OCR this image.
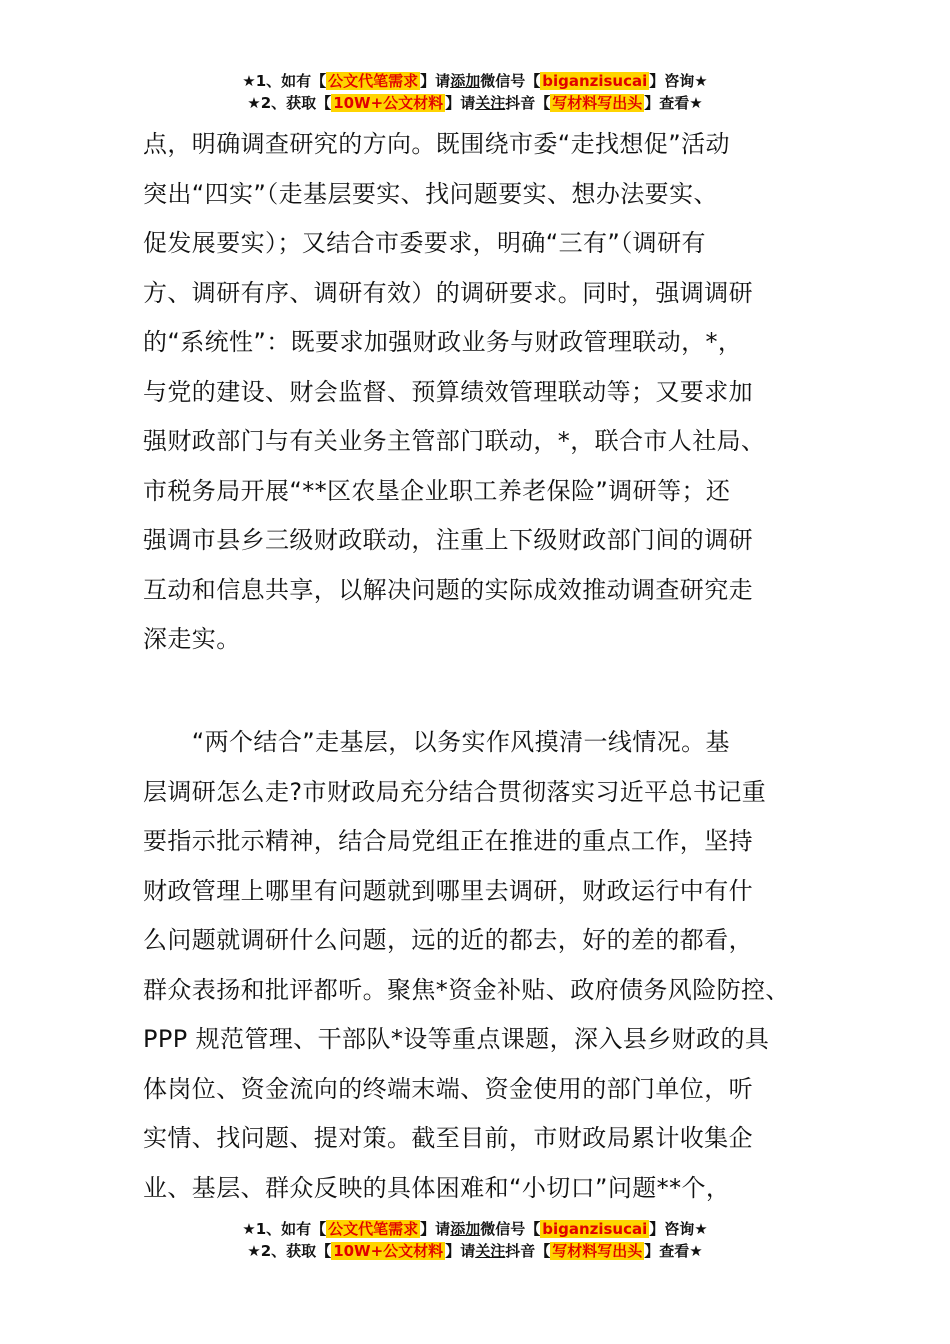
★1、如有【 公文代笔需求 】请添加微信号【 biganzisucai 】咨询★
★2、获取【 10W+公文材料 】请关注抖音【 写材料写出头 】查看★
点，明确调查研究的方向。既围绕市委“走找想促”活动
突出“四实”（走基层要实、找问题要实、想办法要实、
促发展要实）；又结合市委要求，明确“三有”（调研有
方、调研有序、调研有效）的调研要求。同时，强调调研
的“系统性”：既要求加强财政业务与财政管理联动，*，
与党的建设、财会监督、预算绩效管理联动等；又要求加
强财政部门与有关业务主管部门联动，*，联合市人社局、
市税务局开展“**区农垦企业职工养老保险”调研等；还
强调市县乡三级财政联动，注重上下级财政部门间的调研
互动和信息共享，以解决问题的实际成效推动调查研究走
深走实。
　　“两个结合”走基层，以务实作风摸清一线情况。基
层调研怎么走?市财政局充分结合贯彻落实习近平总书记重
要指示批示精神，结合局党组正在推进的重点工作，坚持
财政管理上哪里有问题就到哪里去调研，财政运行中有什
么问题就调研什么问题，远的近的都去，好的差的都看，
群众表扬和批评都听。聚焦*资金补贴、政府债务风险防控、
PPP 规范管理、干部队*设等重点课题，深入县乡财政的具
体岗位、资金流向的终端末端、资金使用的部门单位，听
实情、找问题、提对策。截至目前，市财政局累计收集企
业、基层、群众反映的具体困难和“小切口”问题**个，
★1、如有【 公文代笔需求 】请添加微信号【 biganzisucai 】咨询★
★2、获取【 10W+公文材料 】请关注抖音【 写材料写出头 】查看★
